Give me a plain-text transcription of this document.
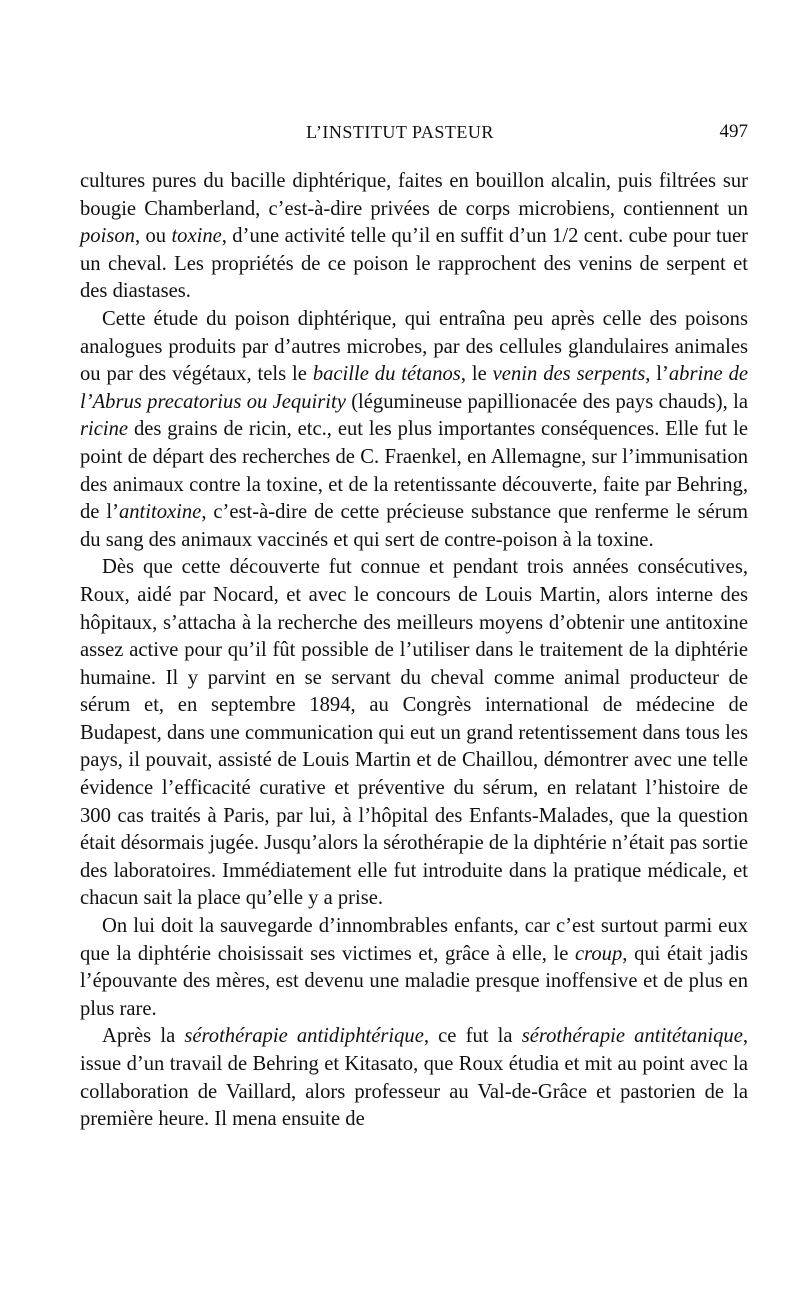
L’INSTITUT PASTEUR	497

cultures pures du bacille diphtérique, faites en bouillon alcalin, puis filtrées sur bougie Chamberland, c’est-à-dire privées de corps microbiens, contiennent un poison, ou toxine, d’une activité telle qu’il en suffit d’un 1/2 cent. cube pour tuer un cheval. Les propriétés de ce poison le rapprochent des venins de serpent et des diastases.

Cette étude du poison diphtérique, qui entraîna peu après celle des poisons analogues produits par d’autres microbes, par des cellules glandulaires animales ou par des végétaux, tels le bacille du tétanos, le venin des serpents, l’abrine de l’Abrus precatorius ou Jequirity (légumineuse papillionacée des pays chauds), la ricine des grains de ricin, etc., eut les plus importantes conséquences. Elle fut le point de départ des recherches de C. Fraenkel, en Allemagne, sur l’immunisation des animaux contre la toxine, et de la retentissante découverte, faite par Behring, de l’antitoxine, c’est-à-dire de cette précieuse substance que renferme le sérum du sang des animaux vaccinés et qui sert de contre-poison à la toxine.

Dès que cette découverte fut connue et pendant trois années consécutives, Roux, aidé par Nocard, et avec le concours de Louis Martin, alors interne des hôpitaux, s’attacha à la recherche des meilleurs moyens d’obtenir une antitoxine assez active pour qu’il fût possible de l’utiliser dans le traitement de la diphtérie humaine. Il y parvint en se servant du cheval comme animal producteur de sérum et, en septembre 1894, au Congrès international de médecine de Budapest, dans une communication qui eut un grand retentissement dans tous les pays, il pouvait, assisté de Louis Martin et de Chaillou, démontrer avec une telle évidence l’efficacité curative et préventive du sérum, en relatant l’histoire de 300 cas traités à Paris, par lui, à l’hôpital des Enfants-Malades, que la question était désormais jugée. Jusqu’alors la sérothérapie de la diphtérie n’était pas sortie des laboratoires. Immédiatement elle fut introduite dans la pratique médicale, et chacun sait la place qu’elle y a prise.

On lui doit la sauvegarde d’innombrables enfants, car c’est surtout parmi eux que la diphtérie choisissait ses victimes et, grâce à elle, le croup, qui était jadis l’épouvante des mères, est devenu une maladie presque inoffensive et de plus en plus rare.

Après la sérothérapie antidiphtérique, ce fut la sérothérapie antitétanique, issue d’un travail de Behring et Kitasato, que Roux étudia et mit au point avec la collaboration de Vaillard, alors professeur au Val-de-Grâce et pastorien de la première heure. Il mena ensuite de
